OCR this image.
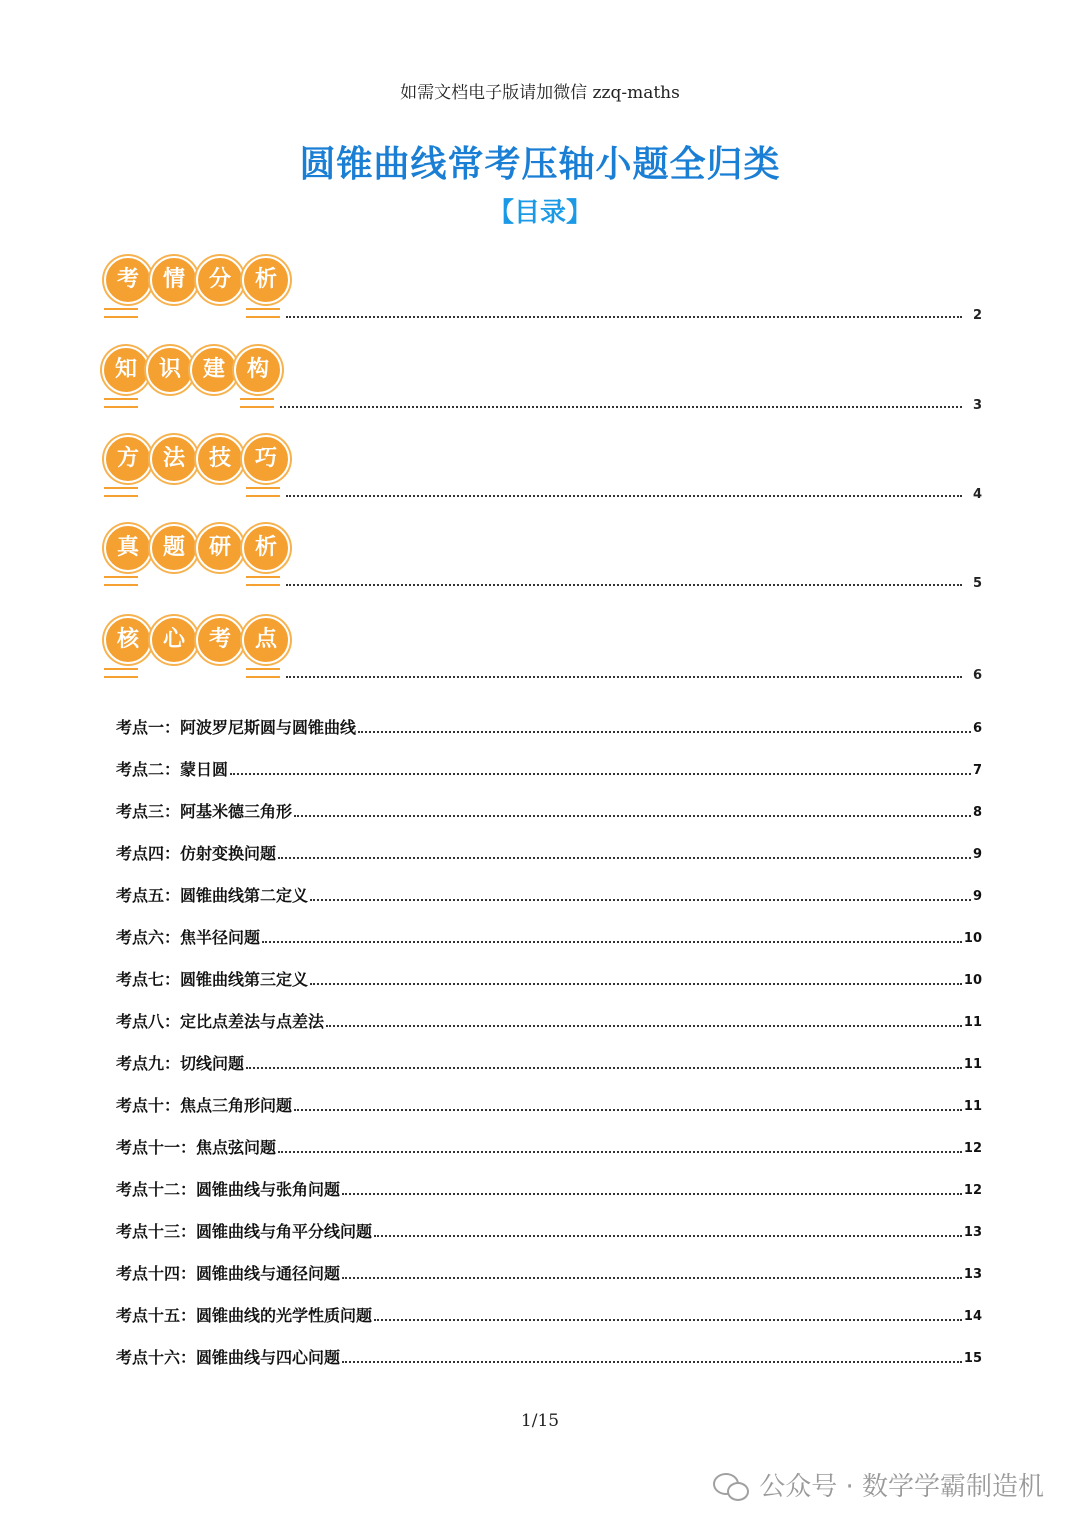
如需文档电子版请加微信 zzq-maths
圆锥曲线常考压轴小题全归类
【目录】
考	情	分	析
2
知 识 建 构
3
方	法	技	巧
4
真	题	研	析
5
核	心	考	点
6
考点一：阿波罗尼斯圆与圆锥曲线	6
考点二：蒙日圆	7
考点三：阿基米德三角形	8
考点四：仿射变换问题	9
考点五：圆锥曲线第二定义	9
考点六：焦半径问题	10
考点七：圆锥曲线第三定义	10
考点八：定比点差法与点差法	11
考点九：切线问题	11
考点十：焦点三角形问题	11
考点十一：焦点弦问题	12
考点十二：圆锥曲线与张角问题	12
考点十三：圆锥曲线与角平分线问题	13
考点十四：圆锥曲线与通径问题	13
考点十五：圆锥曲线的光学性质问题	14
考点十六：圆锥曲线与四心问题	15
1/15
公众号 · 数学学霸制造机
